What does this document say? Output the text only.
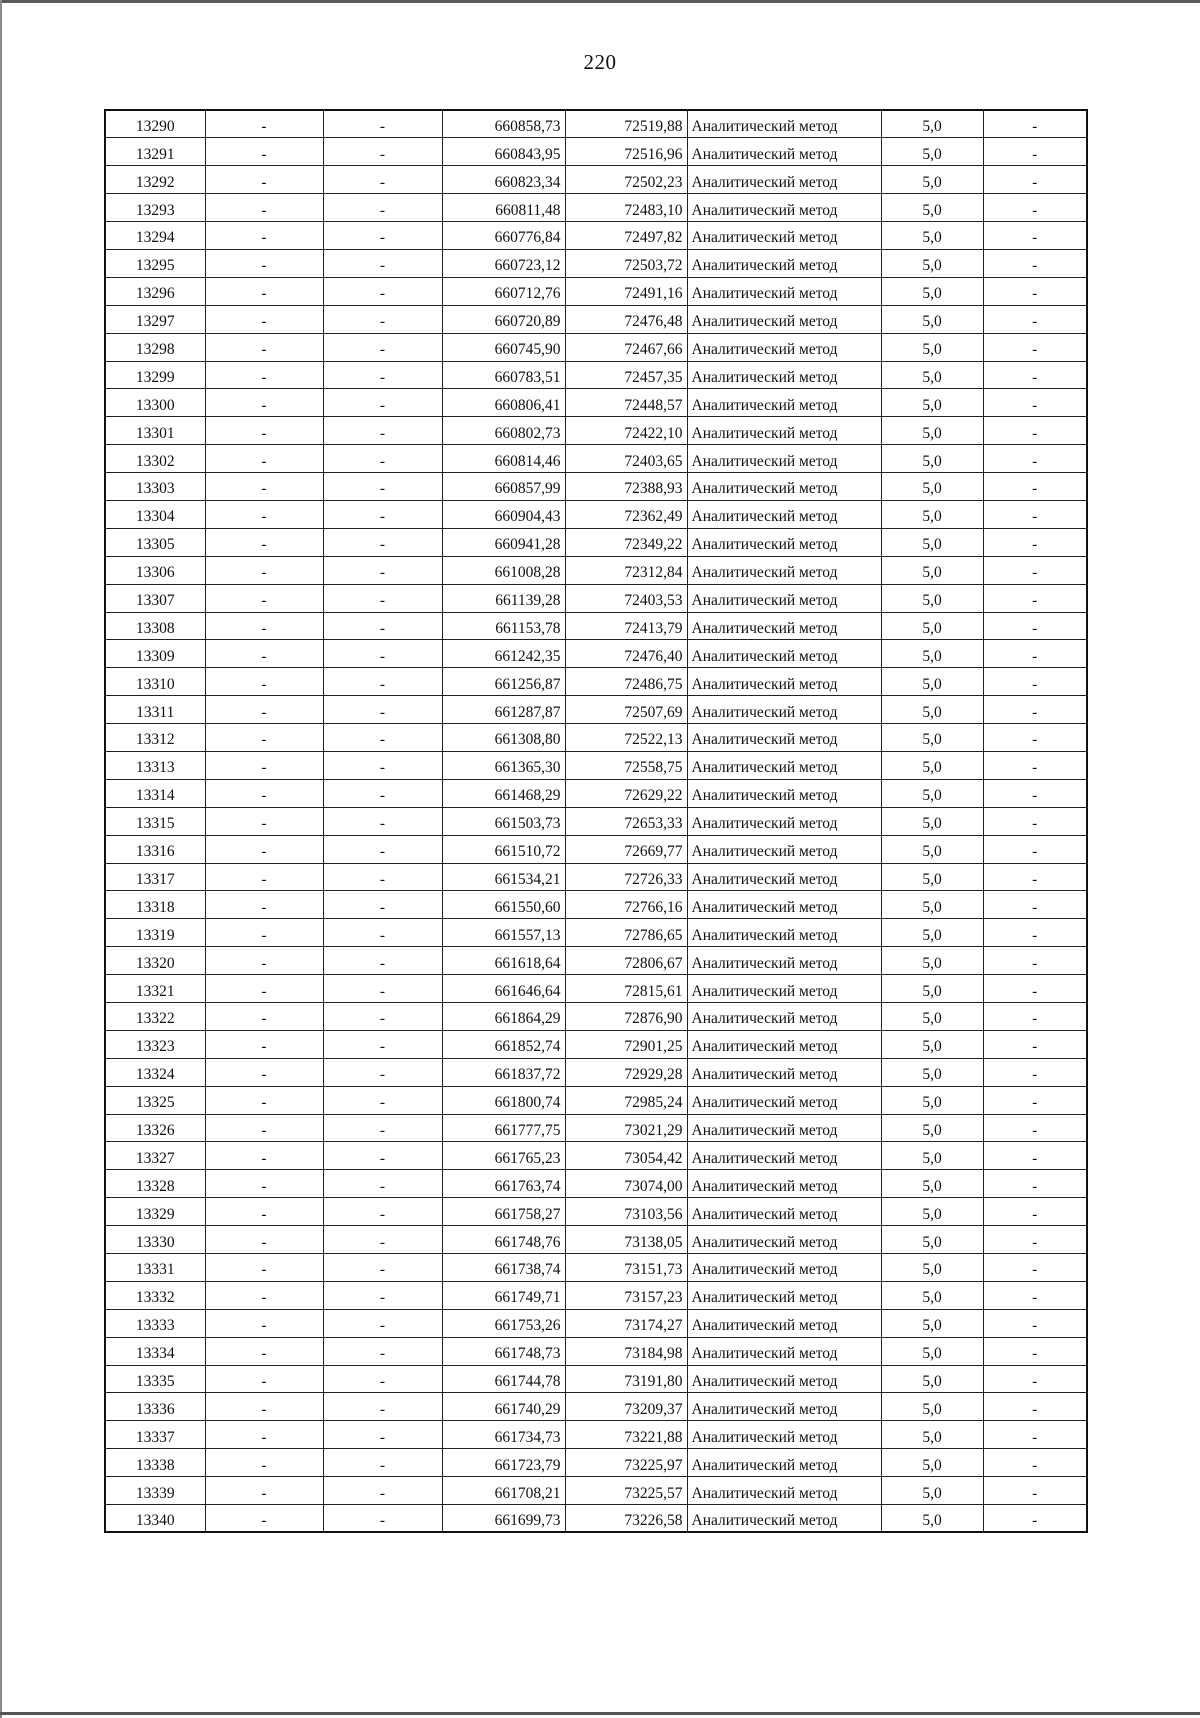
220
13290	-	-	660858,73	72519,88	Аналитический метод	5,0	-
13291	-	-	660843,95	72516,96	Аналитический метод	5,0	-
13292	-	-	660823,34	72502,23	Аналитический метод	5,0	-
13293	-	-	660811,48	72483,10	Аналитический метод	5,0	-
13294	-	-	660776,84	72497,82	Аналитический метод	5,0	-
13295	-	-	660723,12	72503,72	Аналитический метод	5,0	-
13296	-	-	660712,76	72491,16	Аналитический метод	5,0	-
13297	-	-	660720,89	72476,48	Аналитический метод	5,0	-
13298	-	-	660745,90	72467,66	Аналитический метод	5,0	-
13299	-	-	660783,51	72457,35	Аналитический метод	5,0	-
13300	-	-	660806,41	72448,57	Аналитический метод	5,0	-
13301	-	-	660802,73	72422,10	Аналитический метод	5,0	-
13302	-	-	660814,46	72403,65	Аналитический метод	5,0	-
13303	-	-	660857,99	72388,93	Аналитический метод	5,0	-
13304	-	-	660904,43	72362,49	Аналитический метод	5,0	-
13305	-	-	660941,28	72349,22	Аналитический метод	5,0	-
13306	-	-	661008,28	72312,84	Аналитический метод	5,0	-
13307	-	-	661139,28	72403,53	Аналитический метод	5,0	-
13308	-	-	661153,78	72413,79	Аналитический метод	5,0	-
13309	-	-	661242,35	72476,40	Аналитический метод	5,0	-
13310	-	-	661256,87	72486,75	Аналитический метод	5,0	-
13311	-	-	661287,87	72507,69	Аналитический метод	5,0	-
13312	-	-	661308,80	72522,13	Аналитический метод	5,0	-
13313	-	-	661365,30	72558,75	Аналитический метод	5,0	-
13314	-	-	661468,29	72629,22	Аналитический метод	5,0	-
13315	-	-	661503,73	72653,33	Аналитический метод	5,0	-
13316	-	-	661510,72	72669,77	Аналитический метод	5,0	-
13317	-	-	661534,21	72726,33	Аналитический метод	5,0	-
13318	-	-	661550,60	72766,16	Аналитический метод	5,0	-
13319	-	-	661557,13	72786,65	Аналитический метод	5,0	-
13320	-	-	661618,64	72806,67	Аналитический метод	5,0	-
13321	-	-	661646,64	72815,61	Аналитический метод	5,0	-
13322	-	-	661864,29	72876,90	Аналитический метод	5,0	-
13323	-	-	661852,74	72901,25	Аналитический метод	5,0	-
13324	-	-	661837,72	72929,28	Аналитический метод	5,0	-
13325	-	-	661800,74	72985,24	Аналитический метод	5,0	-
13326	-	-	661777,75	73021,29	Аналитический метод	5,0	-
13327	-	-	661765,23	73054,42	Аналитический метод	5,0	-
13328	-	-	661763,74	73074,00	Аналитический метод	5,0	-
13329	-	-	661758,27	73103,56	Аналитический метод	5,0	-
13330	-	-	661748,76	73138,05	Аналитический метод	5,0	-
13331	-	-	661738,74	73151,73	Аналитический метод	5,0	-
13332	-	-	661749,71	73157,23	Аналитический метод	5,0	-
13333	-	-	661753,26	73174,27	Аналитический метод	5,0	-
13334	-	-	661748,73	73184,98	Аналитический метод	5,0	-
13335	-	-	661744,78	73191,80	Аналитический метод	5,0	-
13336	-	-	661740,29	73209,37	Аналитический метод	5,0	-
13337	-	-	661734,73	73221,88	Аналитический метод	5,0	-
13338	-	-	661723,79	73225,97	Аналитический метод	5,0	-
13339	-	-	661708,21	73225,57	Аналитический метод	5,0	-
13340	-	-	661699,73	73226,58	Аналитический метод	5,0	-
